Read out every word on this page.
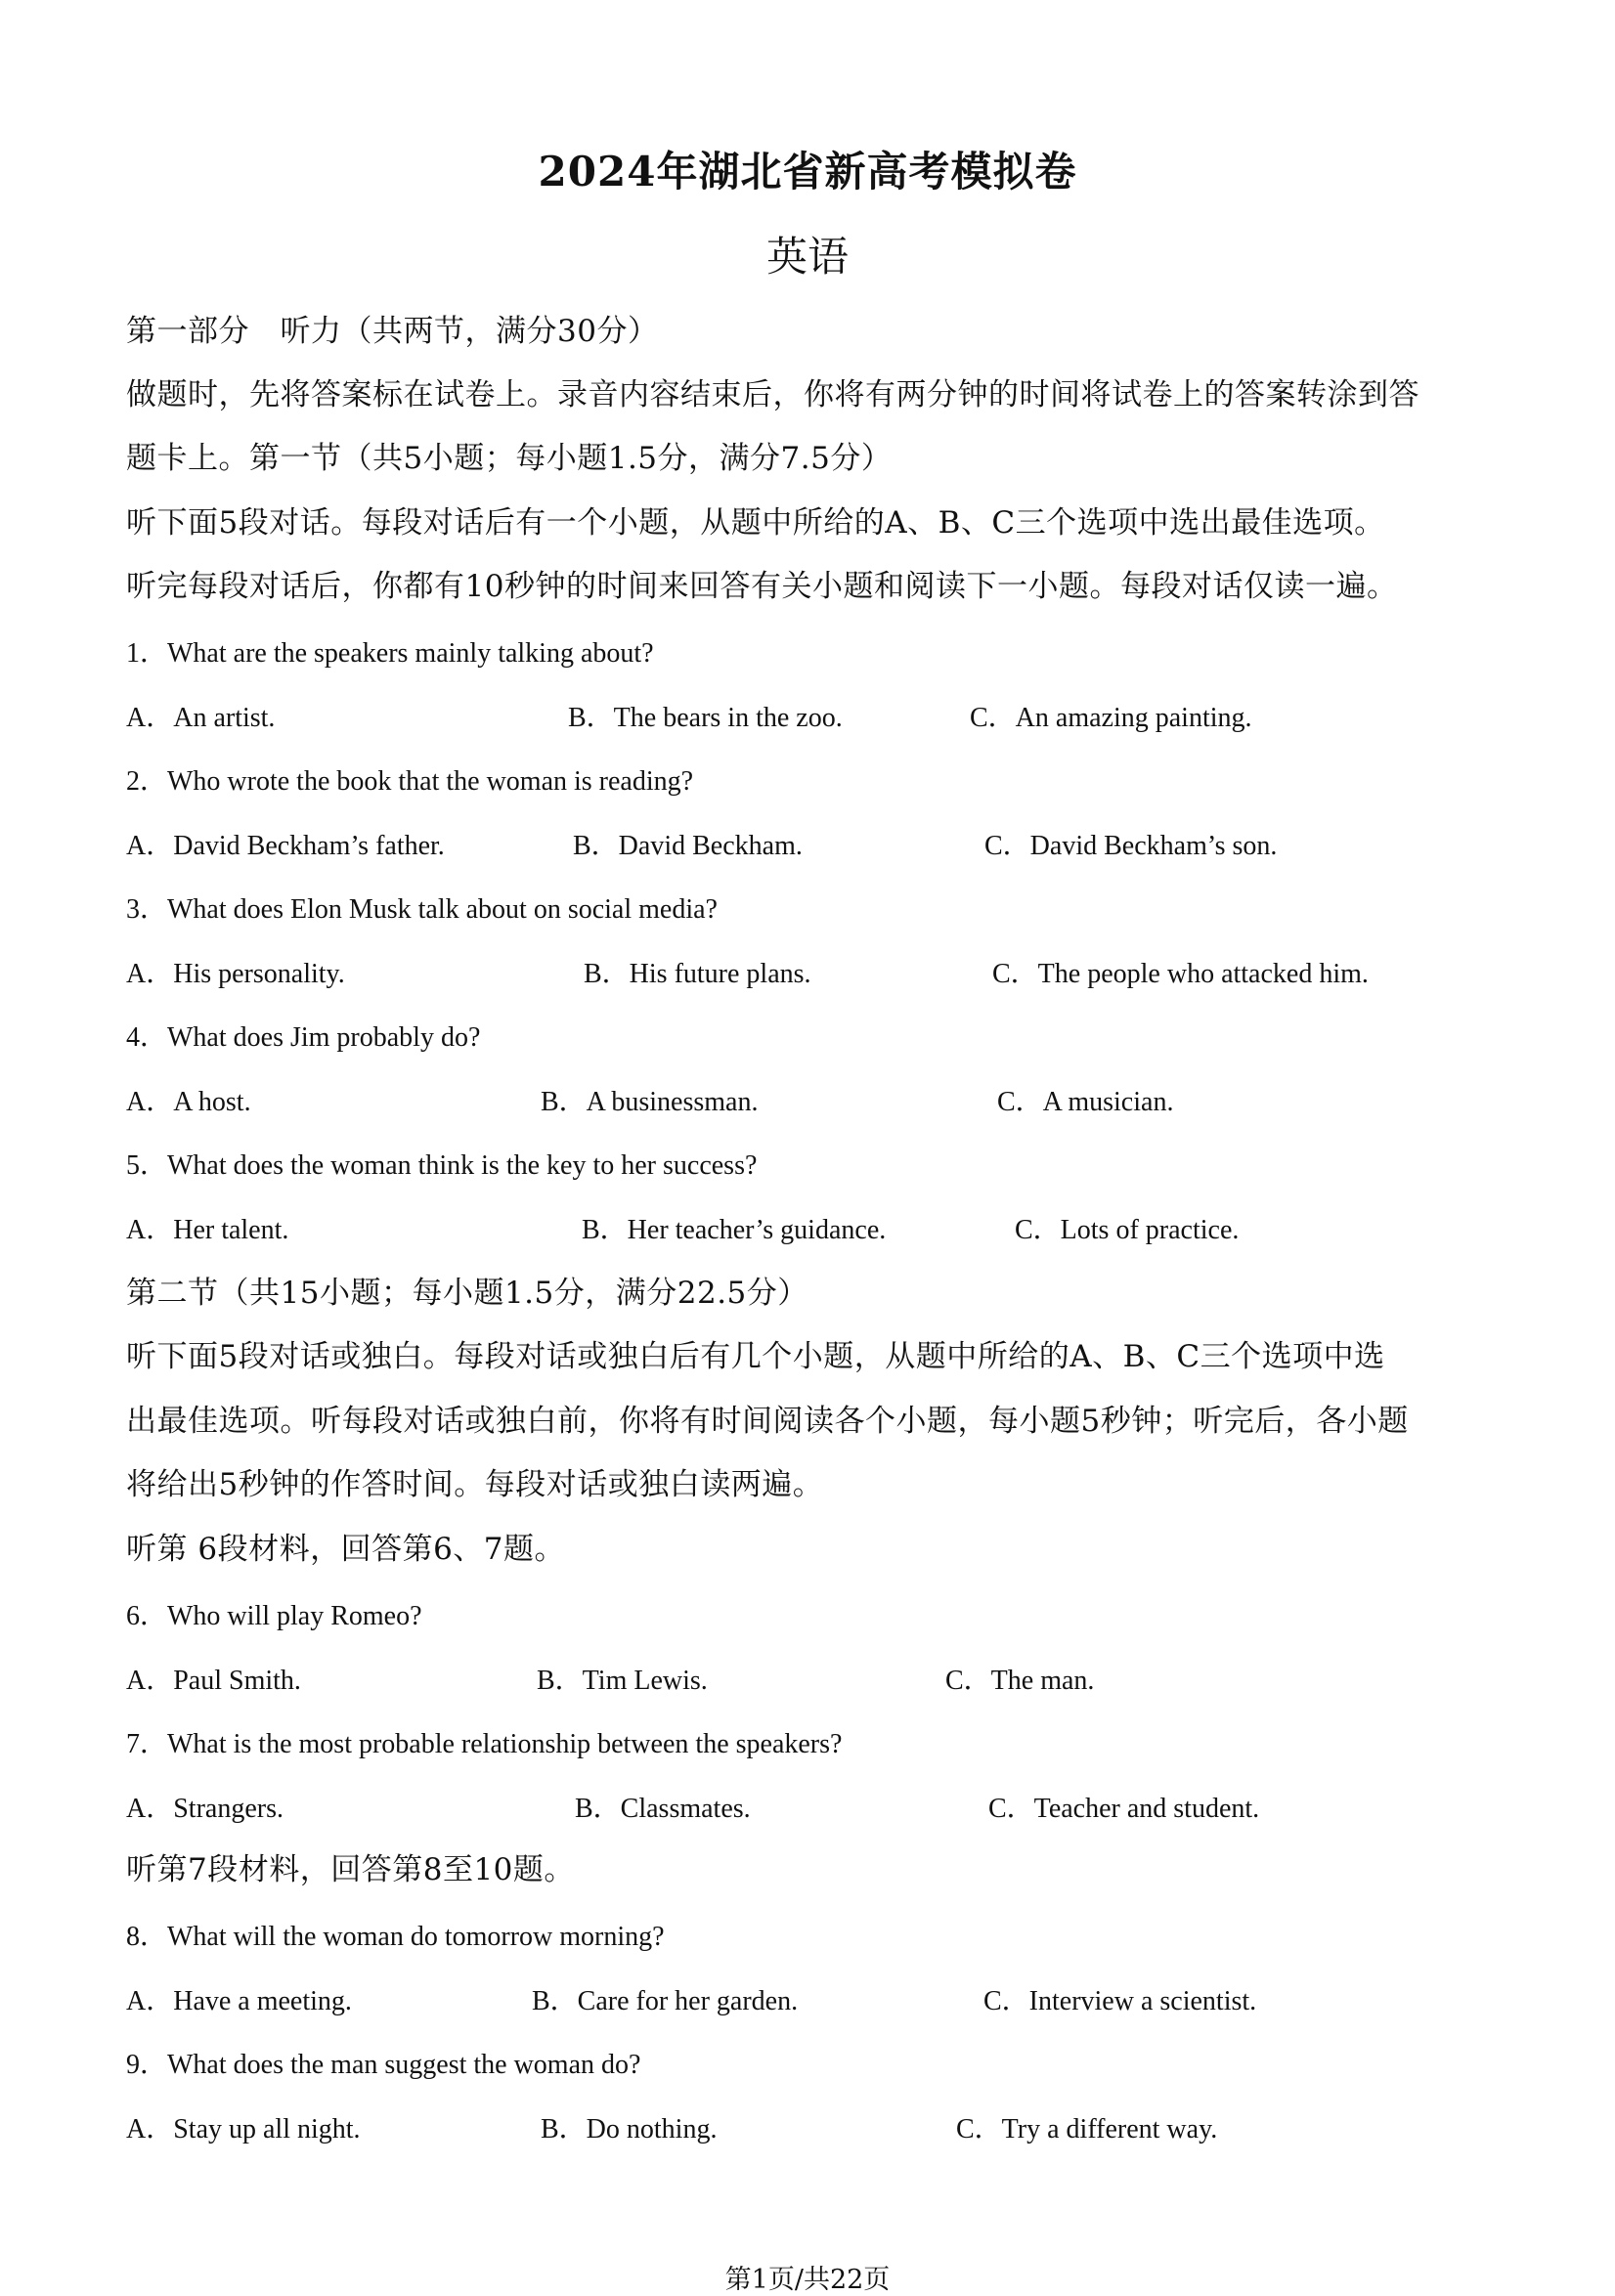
2024年湖北省新高考模拟卷
英语
第一部分　听力（共两节，满分30分）
做题时，先将答案标在试卷上。录音内容结束后，你将有两分钟的时间将试卷上的答案转涂到答
题卡上。第一节（共5小题；每小题1.5分，满分7.5分）
听下面5段对话。每段对话后有一个小题，从题中所给的A、B、C三个选项中选出最佳选项。
听完每段对话后，你都有10秒钟的时间来回答有关小题和阅读下一小题。每段对话仅读一遍。
1．What are the speakers mainly talking about?
A．An artist.	B．The bears in the zoo.	C．An amazing painting.
2．Who wrote the book that the woman is reading?
A．David Beckham’s father.	B．David Beckham.	C．David Beckham’s son.
3．What does Elon Musk talk about on social media?
A．His personality.	B．His future plans.	C．The people who attacked him.
4．What does Jim probably do?
A．A host.	B．A businessman.	C．A musician.
5．What does the woman think is the key to her success?
A．Her talent.	B．Her teacher’s guidance.	C．Lots of practice.
第二节（共15小题；每小题1.5分，满分22.5分）
听下面5段对话或独白。每段对话或独白后有几个小题，从题中所给的A、B、C三个选项中选
出最佳选项。听每段对话或独白前，你将有时间阅读各个小题，每小题5秒钟；听完后，各小题
将给出5秒钟的作答时间。每段对话或独白读两遍。
听第 6段材料，回答第6、7题。
6．Who will play Romeo?
A．Paul Smith.	B．Tim Lewis.	C．The man.
7．What is the most probable relationship between the speakers?
A．Strangers.	B．Classmates.	C．Teacher and student.
听第7段材料，回答第8至10题。
8．What will the woman do tomorrow morning?
A．Have a meeting.	B．Care for her garden.	C．Interview a scientist.
9．What does the man suggest the woman do?
A．Stay up all night.	B．Do nothing.	C．Try a different way.
第1页/共22页
